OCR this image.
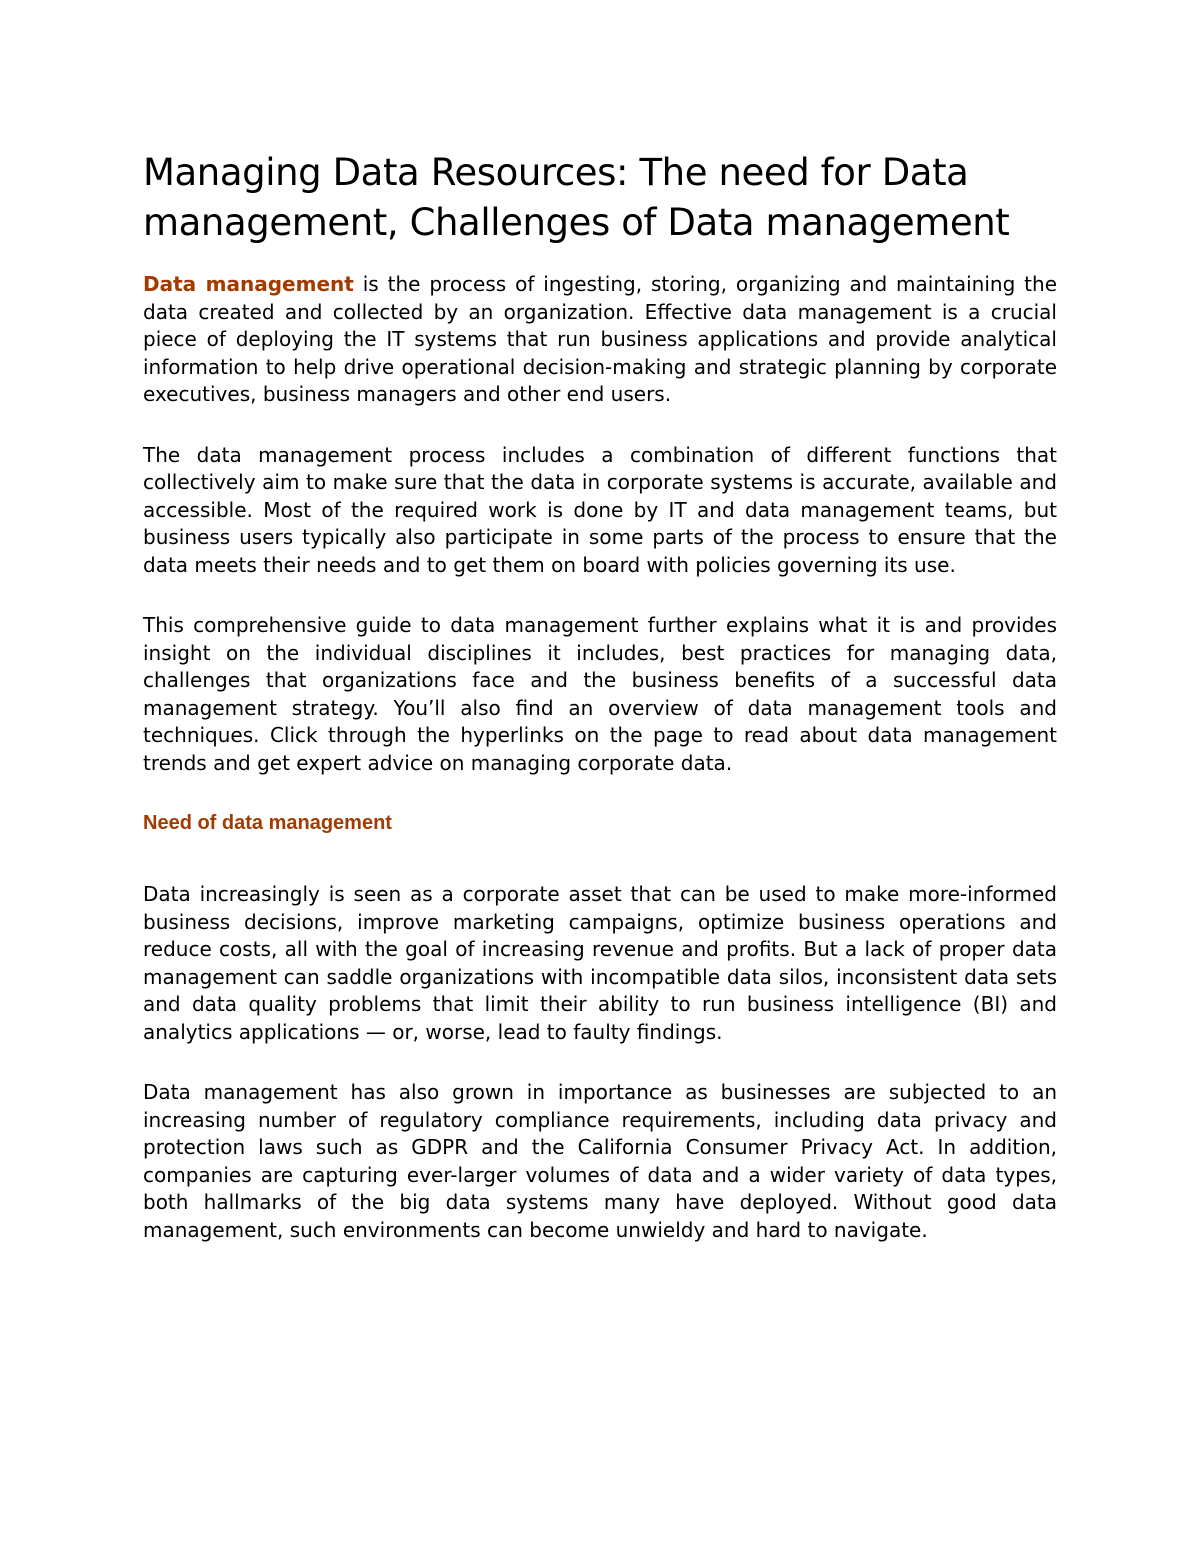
Managing Data Resources: The need for Data management, Challenges of Data management

Data management is the process of ingesting, storing, organizing and maintaining the data created and collected by an organization. Effective data management is a crucial piece of deploying the IT systems that run business applications and provide analytical information to help drive operational decision-making and strategic planning by corporate executives, business managers and other end users.

The data management process includes a combination of different functions that collectively aim to make sure that the data in corporate systems is accurate, available and accessible. Most of the required work is done by IT and data management teams, but business users typically also participate in some parts of the process to ensure that the data meets their needs and to get them on board with policies governing its use.

This comprehensive guide to data management further explains what it is and provides insight on the individual disciplines it includes, best practices for managing data, challenges that organizations face and the business benefits of a successful data management strategy. You’ll also find an overview of data management tools and techniques. Click through the hyperlinks on the page to read about data management trends and get expert advice on managing corporate data.

Need of data management

Data increasingly is seen as a corporate asset that can be used to make more-informed business decisions, improve marketing campaigns, optimize business operations and reduce costs, all with the goal of increasing revenue and profits. But a lack of proper data management can saddle organizations with incompatible data silos, inconsistent data sets and data quality problems that limit their ability to run business intelligence (BI) and analytics applications — or, worse, lead to faulty findings.

Data management has also grown in importance as businesses are subjected to an increasing number of regulatory compliance requirements, including data privacy and protection laws such as GDPR and the California Consumer Privacy Act. In addition, companies are capturing ever-larger volumes of data and a wider variety of data types, both hallmarks of the big data systems many have deployed. Without good data management, such environments can become unwieldy and hard to navigate.
